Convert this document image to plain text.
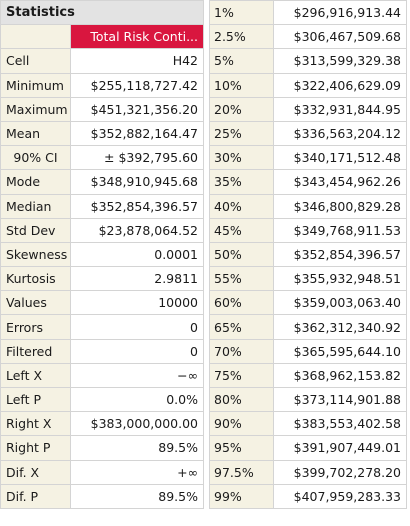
Statistics	
	Total Risk Conti...
Cell	H42
Minimum	$255,118,727.42
Maximum	$451,321,356.20
Mean	$352,882,164.47
90% CI	± $392,795.60
Mode	$348,910,945.68
Median	$352,854,396.57
Std Dev	$23,878,064.52
Skewness	0.0001
Kurtosis	2.9811
Values	10000
Errors	0
Filtered	0
Left X	−∞
Left P	0.0%
Right X	$383,000,000.00
Right P	89.5%
Dif. X	+∞
Dif. P	89.5%
1%	$296,916,913.44
2.5%	$306,467,509.68
5%	$313,599,329.38
10%	$322,406,629.09
20%	$332,931,844.95
25%	$336,563,204.12
30%	$340,171,512.48
35%	$343,454,962.26
40%	$346,800,829.28
45%	$349,768,911.53
50%	$352,854,396.57
55%	$355,932,948.51
60%	$359,003,063.40
65%	$362,312,340.92
70%	$365,595,644.10
75%	$368,962,153.82
80%	$373,114,901.88
90%	$383,553,402.58
95%	$391,907,449.01
97.5%	$399,702,278.20
99%	$407,959,283.33
